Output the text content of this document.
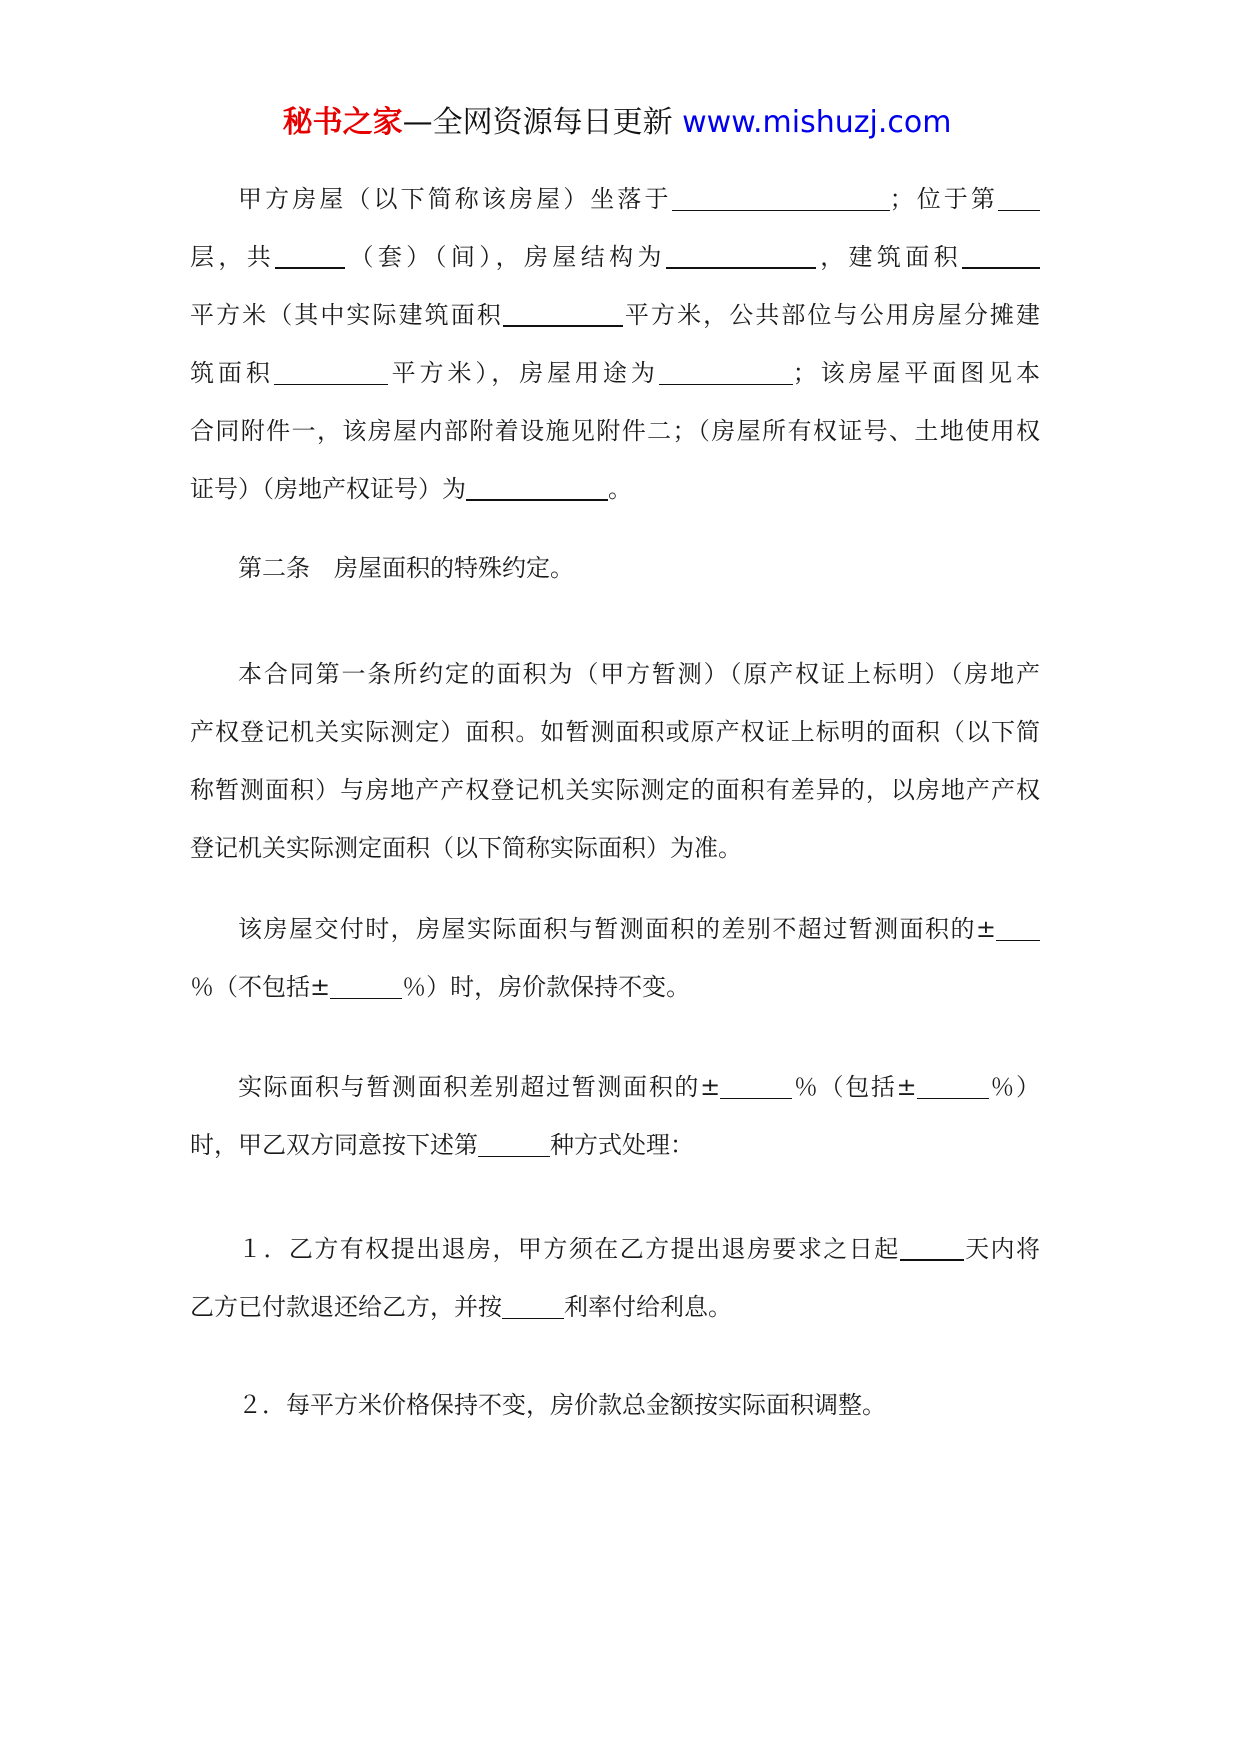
秘书之家—全网资源每日更新 www.mishuzj.com
甲方房屋（以下简称该房屋）坐落于	；位于第
层，共	（套）（间），房屋结构为	，建筑面积
平方米（其中实际建筑面积	平方米，公共部位与公用房屋分摊建
筑面积	平方米），房屋用途为	；该房屋平面图见本
合同附件一，该房屋内部附着设施见附件二；（房屋所有权证号、土地使用权
证号）（房地产权证号）为	。
第二条　房屋面积的特殊约定。
本合同第一条所约定的面积为（甲方暂测）（原产权证上标明）（房地产
产权登记机关实际测定）面积。如暂测面积或原产权证上标明的面积（以下简
称暂测面积）与房地产产权登记机关实际测定的面积有差异的，以房地产产权
登记机关实际测定面积（以下简称实际面积）为准。
该房屋交付时，房屋实际面积与暂测面积的差别不超过暂测面积的±
％（不包括±	％）时，房价款保持不变。
实际面积与暂测面积差别超过暂测面积的±	％（包括±	％）
时，甲乙双方同意按下述第	种方式处理：
１．乙方有权提出退房，甲方须在乙方提出退房要求之日起	天内将
乙方已付款退还给乙方，并按	利率付给利息。
２．每平方米价格保持不变，房价款总金额按实际面积调整。
